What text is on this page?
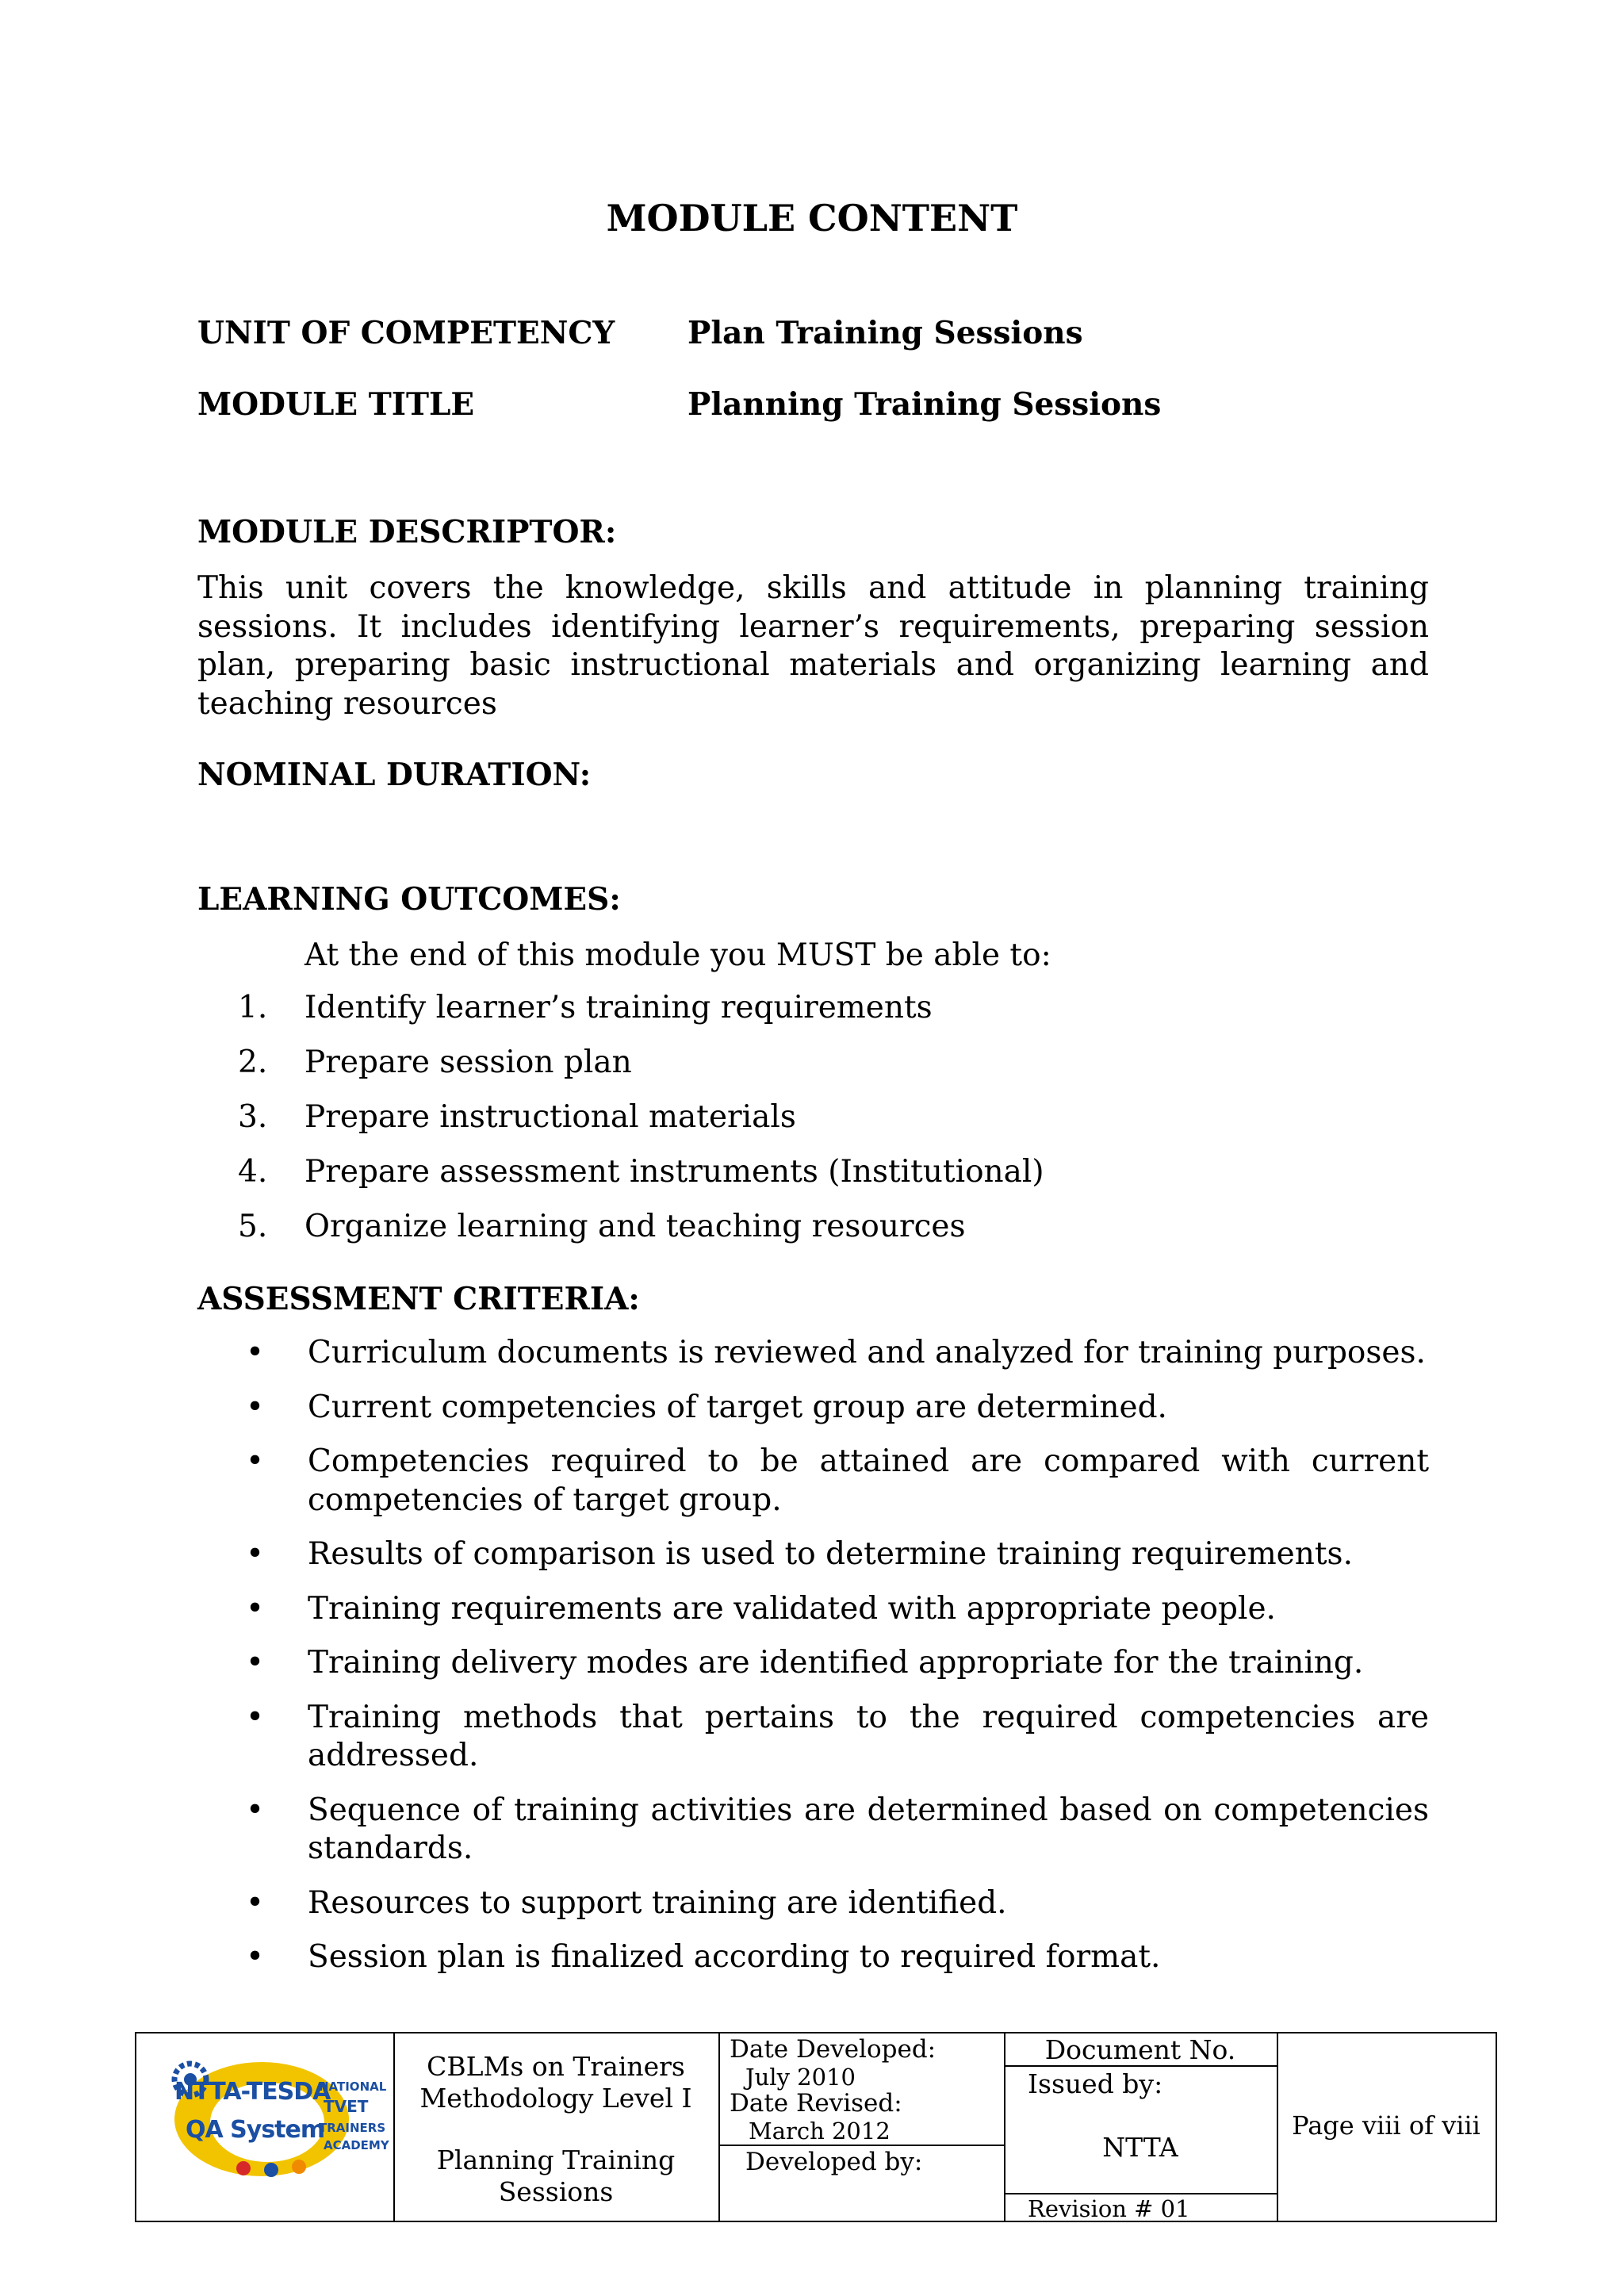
MODULE CONTENT
UNIT OF COMPETENCY Plan Training Sessions
MODULE TITLE	Planning Training Sessions
MODULE DESCRIPTOR:

This unit covers the knowledge, skills and attitude in planning training sessions. It includes identifying learner’s requirements, preparing session plan, preparing basic instructional materials and organizing learning and teaching resources

NOMINAL DURATION:
LEARNING OUTCOMES:
At the end of this module you MUST be able to:
1. Identify learner’s training requirements
2. Prepare session plan
3. Prepare instructional materials
4. Prepare assessment instruments (Institutional)
5. Organize learning and teaching resources
ASSESSMENT CRITERIA:
• Curriculum documents is reviewed and analyzed for training purposes.
• Current competencies of target group are determined.
• Competencies required to be attained are compared with current competencies of target group.
• Results of comparison is used to determine training requirements.
• Training requirements are validated with appropriate people.
• Training delivery modes are identified appropriate for the training.
• Training methods that pertains to the required competencies are addressed.
• Sequence of training activities are determined based on competencies standards.
• Resources to support training are identified.
• Session plan is finalized according to required format.
NTTA-TESDA
QA System
NATIONAL
TVET
TRAINERS
ACADEMY
CBLMs on Trainers
Methodology Level I
Planning Training
Sessions
Date Developed:
July 2010
Date Revised:
March 2012
Developed by:
Document No.
Issued by:
NTTA
Revision # 01
Page viii of viii
